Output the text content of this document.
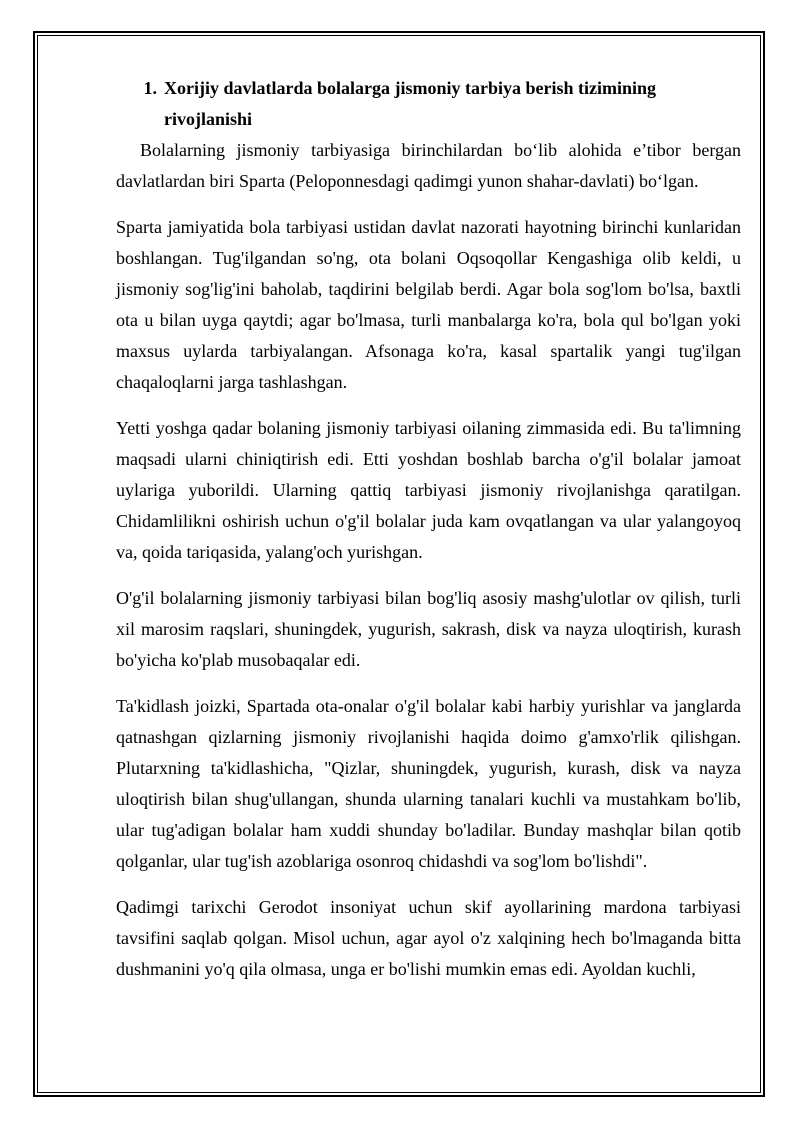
1. Xorijiy davlatlarda bolalarga jismoniy tarbiya berish tizimining rivojlanishi

Bolalarning jismoniy tarbiyasiga birinchilardan bo‘lib alohida e’tibor bergan davlatlardan biri Sparta (Peloponnesdagi qadimgi yunon shahar-davlati) bo‘lgan.

Sparta jamiyatida bola tarbiyasi ustidan davlat nazorati hayotning birinchi kunlaridan boshlangan. Tug'ilgandan so'ng, ota bolani Oqsoqollar Kengashiga olib keldi, u jismoniy sog'lig'ini baholab, taqdirini belgilab berdi. Agar bola sog'lom bo'lsa, baxtli ota u bilan uyga qaytdi; agar bo'lmasa, turli manbalarga ko'ra, bola qul bo'lgan yoki maxsus uylarda tarbiyalangan. Afsonaga ko'ra, kasal spartalik yangi tug'ilgan chaqaloqlarni jarga tashlashgan.

Yetti yoshga qadar bolaning jismoniy tarbiyasi oilaning zimmasida edi. Bu ta'limning maqsadi ularni chiniqtirish edi. Etti yoshdan boshlab barcha o'g'il bolalar jamoat uylariga yuborildi. Ularning qattiq tarbiyasi jismoniy rivojlanishga qaratilgan. Chidamlilikni oshirish uchun o'g'il bolalar juda kam ovqatlangan va ular yalangoyoq va, qoida tariqasida, yalang'och yurishgan.

O'g'il bolalarning jismoniy tarbiyasi bilan bog'liq asosiy mashg'ulotlar ov qilish, turli xil marosim raqslari, shuningdek, yugurish, sakrash, disk va nayza uloqtirish, kurash bo'yicha ko'plab musobaqalar edi.

Ta'kidlash joizki, Spartada ota-onalar o'g'il bolalar kabi harbiy yurishlar va janglarda qatnashgan qizlarning jismoniy rivojlanishi haqida doimo g'amxo'rlik qilishgan. Plutarxning ta'kidlashicha, "Qizlar, shuningdek, yugurish, kurash, disk va nayza uloqtirish bilan shug'ullangan, shunda ularning tanalari kuchli va mustahkam bo'lib, ular tug'adigan bolalar ham xuddi shunday bo'ladilar. Bunday mashqlar bilan qotib qolganlar, ular tug'ish azoblariga osonroq chidashdi va sog'lom bo'lishdi".

Qadimgi tarixchi Gerodot insoniyat uchun skif ayollarining mardona tarbiyasi tavsifini saqlab qolgan. Misol uchun, agar ayol o'z xalqining hech bo'lmaganda bitta dushmanini yo'q qila olmasa, unga er bo'lishi mumkin emas edi. Ayoldan kuchli,
